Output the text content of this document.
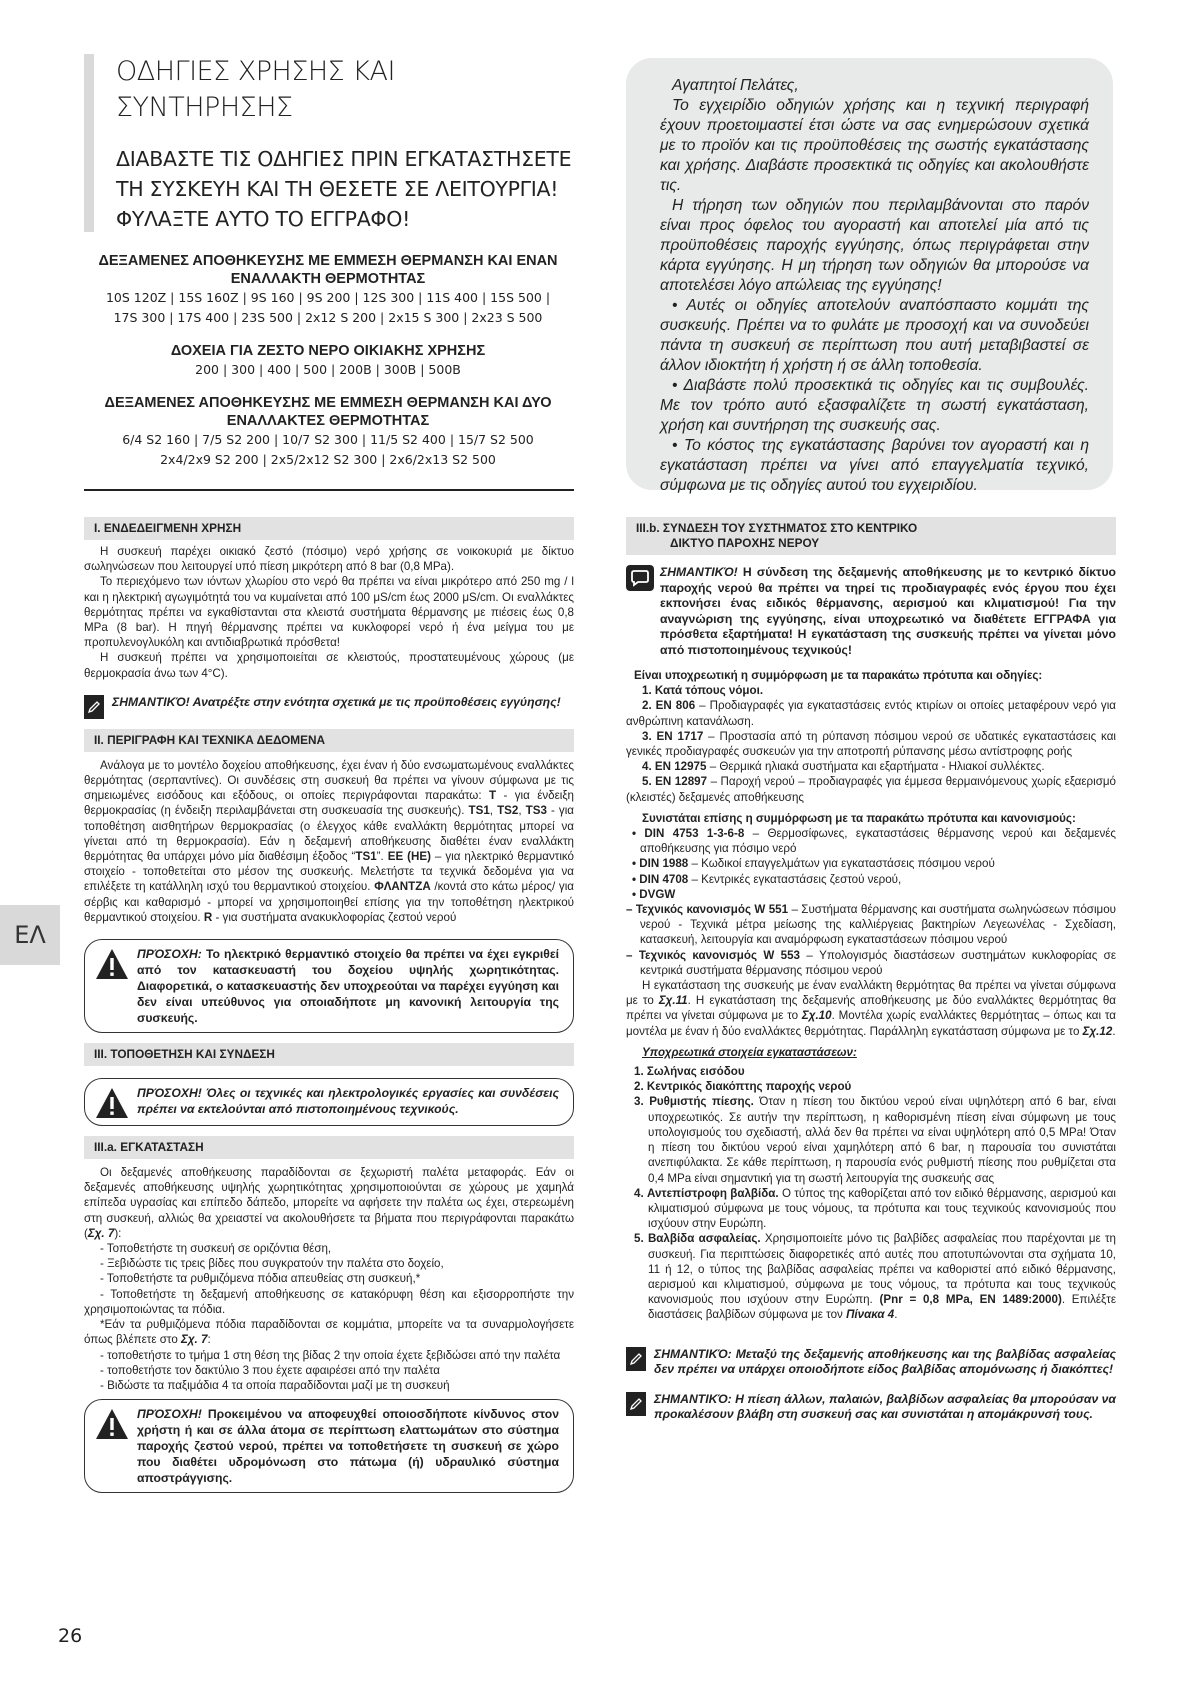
ΟΔΗΓΙΕΣ ΧΡΗΣΗΣ ΚΑΙ
ΣΥΝΤΗΡΗΣΗΣ
ΔΙΑΒΑΣΤΕ ΤΙΣ ΟΔΗΓΙΕΣ ΠΡΙΝ ΕΓΚΑΤΑΣΤΗΣΕΤΕ
ΤΗ ΣΥΣΚΕΥΗ ΚΑΙ ΤΗ ΘΕΣΕΤΕ ΣΕ ΛΕΙΤΟΥΡΓΙΑ!
ΦΥΛΑΞΤΕ ΑΥΤΟ ΤΟ ΕΓΓΡΑΦΟ!
ΔΕΞΑΜΕΝΕΣ ΑΠΟΘΗΚΕΥΣΗΣ ΜΕ ΕΜΜΕΣΗ ΘΕΡΜΑΝΣΗ ΚΑΙ ΕΝΑΝ
ΕΝΑΛΛΑΚΤΗ ΘΕΡΜΟΤΗΤΑΣ
10S 120Z | 15S 160Z | 9S 160 | 9S 200 | 12S 300 | 11S 400 | 15S 500 |
17S 300 | 17S 400 | 23S 500 | 2x12 S 200 | 2x15 S 300 | 2x23 S 500
ΔΟΧΕΙΑ ΓΙΑ ΖΕΣΤΟ ΝΕΡΟ ΟΙΚΙΑΚΗΣ ΧΡΗΣΗΣ
200 | 300 | 400 | 500 | 200B | 300B | 500B
ΔΕΞΑΜΕΝΕΣ ΑΠΟΘΗΚΕΥΣΗΣ ΜΕ ΕΜΜΕΣΗ ΘΕΡΜΑΝΣΗ ΚΑΙ ΔΥΟ
ΕΝΑΛΛΑΚΤΕΣ ΘΕΡΜΟΤΗΤΑΣ
6/4 S2 160 | 7/5 S2 200 | 10/7 S2 300 | 11/5 S2 400 | 15/7 S2 500
2x4/2x9 S2 200 | 2x5/2x12 S2 300 | 2x6/2x13 S2 500

Αγαπητοί Πελάτες,

Το εγχειρίδιο οδηγιών χρήσης και η τεχνική περιγραφή έχουν προετοιμαστεί έτσι ώστε να σας ενημερώσουν σχετικά με το προϊόν και τις προϋποθέσεις της σωστής εγκατάστασης και χρήσης. Διαβάστε προσεκτικά τις οδηγίες και ακολουθήστε τις.

Η τήρηση των οδηγιών που περιλαμβάνονται στο παρόν είναι προς όφελος του αγοραστή και αποτελεί μία από τις προϋποθέσεις παροχής εγγύησης, όπως περιγράφεται στην κάρτα εγγύησης. Η μη τήρηση των οδηγιών θα μπορούσε να αποτελέσει λόγο απώλειας της εγγύησης!

• Αυτές οι οδηγίες αποτελούν αναπόσπαστο κομμάτι της συσκευής. Πρέπει να το φυλάτε με προσοχή και να συνοδεύει πάντα τη συσκευή σε περίπτωση που αυτή μεταβιβαστεί σε άλλον ιδιοκτήτη ή χρήστη ή σε άλλη τοποθεσία.

• Διαβάστε πολύ προσεκτικά τις οδηγίες και τις συμβουλές. Με τον τρόπο αυτό εξασφαλίζετε τη σωστή εγκατάσταση, χρήση και συντήρηση της συσκευής σας.

• Το κόστος της εγκατάστασης βαρύνει τον αγοραστή και η εγκατάσταση πρέπει να γίνει από επαγγελματία τεχνικό, σύμφωνα με τις οδηγίες αυτού του εγχειριδίου.

I. ΕΝΔΕΔΕΙΓΜΕΝΗ ΧΡΗΣΗ

Η συσκευή παρέχει οικιακό ζεστό (πόσιμο) νερό χρήσης σε νοικοκυριά με δίκτυο σωληνώσεων που λειτουργεί υπό πίεση μικρότερη από 8 bar (0,8 MPa).

Το περιεχόμενο των ιόντων χλωρίου στο νερό θα πρέπει να είναι μικρότερο από 250 mg / l και η ηλεκτρική αγωγιμότητά του να κυμαίνεται από 100 μS/cm έως 2000 μS/cm. Οι εναλλάκτες θερμότητας πρέπει να εγκαθίστανται στα κλειστά συστήματα θέρμανσης με πιέσεις έως 0,8 MPa (8 bar). Η πηγή θέρμανσης πρέπει να κυκλοφορεί νερό ή ένα μείγμα του με προπυλενογλυκόλη και αντιδιαβρωτικά πρόσθετα!

Η συσκευή πρέπει να χρησιμοποιείται σε κλειστούς, προστατευμένους χώρους (με θερμοκρασία άνω των 4°C).

ΣΗΜΑΝΤΙΚΌ! Ανατρέξτε στην ενότητα σχετικά με τις προϋποθέσεις εγγύησης!
II. ΠΕΡΙΓΡΑΦΗ ΚΑΙ ΤΕΧΝΙΚΑ ΔΕΔΟΜΕΝΑ

Ανάλογα με το μοντέλο δοχείου αποθήκευσης, έχει έναν ή δύο ενσωματωμένους εναλλάκτες θερμότητας (σερπαντίνες). Οι συνδέσεις στη συσκευή θα πρέπει να γίνουν σύμφωνα με τις σημειωμένες εισόδους και εξόδους, οι οποίες περιγράφονται παρακάτω: T - για ένδειξη θερμοκρασίας (η ένδειξη περιλαμβάνεται στη συσκευασία της συσκευής). TS1, TS2, TS3 - για τοποθέτηση αισθητήρων θερμοκρασίας (ο έλεγχος κάθε εναλλάκτη θερμότητας μπορεί να γίνεται από τη θερμοκρασία). Εάν η δεξαμενή αποθήκευσης διαθέτει έναν εναλλάκτη θερμότητας θα υπάρχει μόνο μία διαθέσιμη έξοδος “TS1”. EE (HE) – για ηλεκτρικό θερμαντικό στοιχείο - τοποθετείται στο μέσον της συσκευής. Μελετήστε τα τεχνικά δεδομένα για να επιλέξετε τη κατάλληλη ισχύ του θερμαντικού στοιχείου. ΦΛΑΝΤΖΑ /κοντά στο κάτω μέρος/ για σέρβις και καθαρισμό - μπορεί να χρησιμοποιηθεί επίσης για την τοποθέτηση ηλεκτρικού θερμαντικού στοιχείου. R - για συστήματα ανακυκλοφορίας ζεστού νερού

ΠΡΌΣΟΧΗ: Το ηλεκτρικό θερμαντικό στοιχείο θα πρέπει να έχει εγκριθεί από τον κατασκευαστή του δοχείου υψηλής χωρητικότητας. Διαφορετικά, ο κατασκευαστής δεν υποχρεούται να παρέχει εγγύηση και δεν είναι υπεύθυνος για οποιαδήποτε μη κανονική λειτουργία της συσκευής.
III. ΤΟΠΟΘΕΤΗΣΗ ΚΑΙ ΣΥΝΔΕΣΗ
ΠΡΌΣΟΧΗ! Όλες οι τεχνικές και ηλεκτρολογικές εργασίες και συνδέσεις πρέπει να εκτελούνται από πιστοποιημένους τεχνικούς.
III.a. ΕΓΚΑΤΑΣΤΑΣΗ

Οι δεξαμενές αποθήκευσης παραδίδονται σε ξεχωριστή παλέτα μεταφοράς. Εάν οι δεξαμενές αποθήκευσης υψηλής χωρητικότητας χρησιμοποιούνται σε χώρους με χαμηλά επίπεδα υγρασίας και επίπεδο δάπεδο, μπορείτε να αφήσετε την παλέτα ως έχει, στερεωμένη στη συσκευή, αλλιώς θα χρειαστεί να ακολουθήσετε τα βήματα που περιγράφονται παρακάτω (Σχ. 7):

- Τοποθετήστε τη συσκευή σε οριζόντια θέση,

- Ξεβιδώστε τις τρεις βίδες που συγκρατούν την παλέτα στο δοχείο,

- Τοποθετήστε τα ρυθμιζόμενα πόδια απευθείας στη συσκευή,*

- Τοποθετήστε τη δεξαμενή αποθήκευσης σε κατακόρυφη θέση και εξισορροπήστε την χρησιμοποιώντας τα πόδια.

*Εάν τα ρυθμιζόμενα πόδια παραδίδονται σε κομμάτια, μπορείτε να τα συναρμολογήσετε όπως βλέπετε στο Σχ. 7:

- τοποθετήστε το τμήμα 1 στη θέση της βίδας 2 την οποία έχετε ξεβιδώσει από την παλέτα

- τοποθετήστε τον δακτύλιο 3 που έχετε αφαιρέσει από την παλέτα

- Βιδώστε τα παξιμάδια 4 τα οποία παραδίδονται μαζί με τη συσκευή

ΠΡΌΣΟΧΗ! Προκειμένου να αποφευχθεί οποιοσδήποτε κίνδυνος στον χρήστη ή και σε άλλα άτομα σε περίπτωση ελαττωμάτων στο σύστημα παροχής ζεστού νερού, πρέπει να τοποθετήσετε τη συσκευή σε χώρο που διαθέτει υδρομόνωση στο πάτωμα (ή) υδραυλικό σύστημα αποστράγγισης.
III.b. ΣΥΝΔΕΣΗ ΤΟΥ ΣΥΣΤΗΜΑΤΟΣ ΣΤΟ ΚΕΝΤΡΙΚΟ
ΔΙΚΤΥΟ ΠΑΡΟΧΗΣ ΝΕΡΟΥ
ΣΗΜΑΝΤΙΚΌ! Η σύνδεση της δεξαμενής αποθήκευσης με το κεντρικό δίκτυο παροχής νερού θα πρέπει να τηρεί τις προδιαγραφές ενός έργου που έχει εκπονήσει ένας ειδικός θέρμανσης, αερισμού και κλιματισμού! Για την αναγνώριση της εγγύησης, είναι υποχρεωτικό να διαθέτετε ΕΓΓΡΑΦΑ για πρόσθετα εξαρτήματα! Η εγκατάσταση της συσκευής πρέπει να γίνεται μόνο από πιστοποιημένους τεχνικούς!

Είναι υποχρεωτική η συμμόρφωση με τα παρακάτω πρότυπα και οδηγίες:

1. Κατά τόπους νόμοι.

2. EN 806 – Προδιαγραφές για εγκαταστάσεις εντός κτιρίων οι οποίες μεταφέρουν νερό για ανθρώπινη κατανάλωση.

3. EN 1717 – Προστασία από τη ρύπανση πόσιμου νερού σε υδατικές εγκαταστάσεις και γενικές προδιαγραφές συσκευών για την αποτροπή ρύπανσης μέσω αντίστροφης ροής

4. EN 12975 – Θερμικά ηλιακά συστήματα και εξαρτήματα - Ηλιακοί συλλέκτες.

5. EN 12897 – Παροχή νερού – προδιαγραφές για έμμεσα θερμαινόμενους χωρίς εξαερισμό (κλειστές) δεξαμενές αποθήκευσης

Συνιστάται επίσης η συμμόρφωση με τα παρακάτω πρότυπα και κανονισμούς:

• DIN 4753 1-3-6-8 – Θερμοσίφωνες, εγκαταστάσεις θέρμανσης νερού και δεξαμενές αποθήκευσης για πόσιμο νερό

• DIN 1988 – Κωδικοί επαγγελμάτων για εγκαταστάσεις πόσιμου νερού

• DIN 4708 – Κεντρικές εγκαταστάσεις ζεστού νερού,

• DVGW

– Τεχνικός κανονισμός W 551 – Συστήματα θέρμανσης και συστήματα σωληνώσεων πόσιμου νερού - Τεχνικά μέτρα μείωσης της καλλιέργειας βακτηρίων Λεγεωνέλας - Σχεδίαση, κατασκευή, λειτουργία και αναμόρφωση εγκαταστάσεων πόσιμου νερού

– Τεχνικός κανονισμός W 553 – Υπολογισμός διαστάσεων συστημάτων κυκλοφορίας σε κεντρικά συστήματα θέρμανσης πόσιμου νερού

Η εγκατάσταση της συσκευής με έναν εναλλάκτη θερμότητας θα πρέπει να γίνεται σύμφωνα με το Σχ.11. Η εγκατάσταση της δεξαμενής αποθήκευσης με δύο εναλλάκτες θερμότητας θα πρέπει να γίνεται σύμφωνα με το Σχ.10. Μοντέλα χωρίς εναλλάκτες θερμότητας – όπως και τα μοντέλα με έναν ή δύο εναλλάκτες θερμότητας. Παράλληλη εγκατάσταση σύμφωνα με το Σχ.12.

Υποχρεωτικά στοιχεία εγκαταστάσεων:

1. Σωλήνας εισόδου

2. Κεντρικός διακόπτης παροχής νερού

3. Ρυθμιστής πίεσης. Όταν η πίεση του δικτύου νερού είναι υψηλότερη από 6 bar, είναι υποχρεωτικός. Σε αυτήν την περίπτωση, η καθορισμένη πίεση είναι σύμφωνη με τους υπολογισμούς του σχεδιαστή, αλλά δεν θα πρέπει να είναι υψηλότερη από 0,5 MPa! Όταν η πίεση του δικτύου νερού είναι χαμηλότερη από 6 bar, η παρουσία του συνιστάται ανεπιφύλακτα. Σε κάθε περίπτωση, η παρουσία ενός ρυθμιστή πίεσης που ρυθμίζεται στα 0,4 MPa είναι σημαντική για τη σωστή λειτουργία της συσκευής σας

4. Αντεπίστροφη βαλβίδα. Ο τύπος της καθορίζεται από τον ειδικό θέρμανσης, αερισμού και κλιματισμού σύμφωνα με τους νόμους, τα πρότυπα και τους τεχνικούς κανονισμούς που ισχύουν στην Ευρώπη.

5. Βαλβίδα ασφαλείας. Χρησιμοποιείτε μόνο τις βαλβίδες ασφαλείας που παρέχονται με τη συσκευή. Για περιπτώσεις διαφορετικές από αυτές που αποτυπώνονται στα σχήματα 10, 11 ή 12, ο τύπος της βαλβίδας ασφαλείας πρέπει να καθοριστεί από ειδικό θέρμανσης, αερισμού και κλιματισμού, σύμφωνα με τους νόμους, τα πρότυπα και τους τεχνικούς κανονισμούς που ισχύουν στην Ευρώπη. (Pnr = 0,8 MPa, EN 1489:2000). Επιλέξτε διαστάσεις βαλβίδων σύμφωνα με τον Πίνακα 4.

ΣΗΜΑΝΤΙΚΌ: Μεταξύ της δεξαμενής αποθήκευσης και της βαλβίδας ασφαλείας δεν πρέπει να υπάρχει οποιοδήποτε είδος βαλβίδας απομόνωσης ή διακόπτες!
ΣΗΜΑΝΤΙΚΌ: Η πίεση άλλων, παλαιών, βαλβίδων ασφαλείας θα μπορούσαν να προκαλέσουν βλάβη στη συσκευή σας και συνιστάται η απομάκρυνσή τους.
ΕΛ
26
